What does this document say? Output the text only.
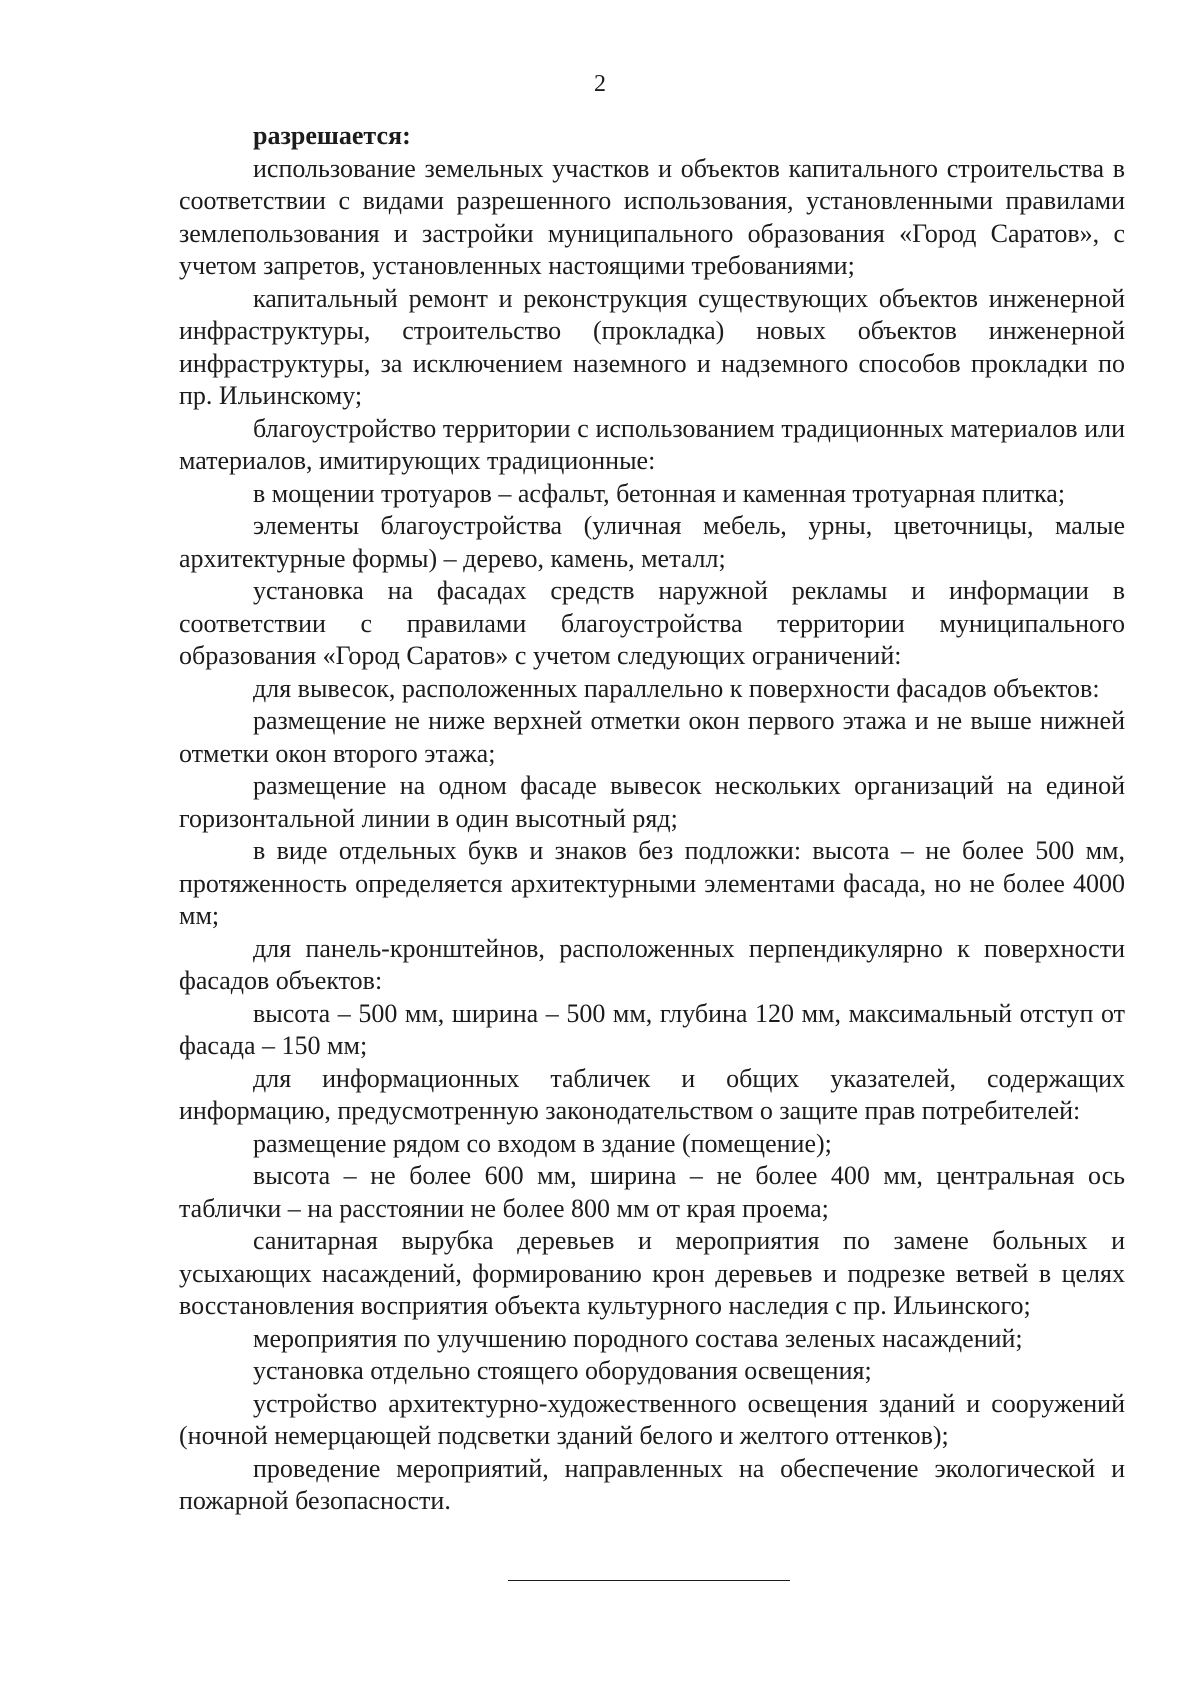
2

разрешается:

использование земельных участков и объектов капитального строительства в соответствии с видами разрешенного использования, установленными правилами землепользования и застройки муниципального образования «Город Саратов», с учетом запретов, установленных настоящими требованиями;

капитальный ремонт и реконструкция существующих объектов инженерной инфраструктуры, строительство (прокладка) новых объектов инженерной инфраструктуры, за исключением наземного и надземного способов прокладки по пр. Ильинскому;

благоустройство территории с использованием традиционных материалов или материалов, имитирующих традиционные:

в мощении тротуаров – асфальт, бетонная и каменная тротуарная плитка;

элементы благоустройства (уличная мебель, урны, цветочницы, малые архитектурные формы) – дерево, камень, металл;

установка на фасадах средств наружной рекламы и информации в соответствии с правилами благоустройства территории муниципального образования «Город Саратов» с учетом следующих ограничений:

для вывесок, расположенных параллельно к поверхности фасадов объектов:

размещение не ниже верхней отметки окон первого этажа и не выше нижней отметки окон второго этажа;

размещение на одном фасаде вывесок нескольких организаций на единой горизонтальной линии в один высотный ряд;

в виде отдельных букв и знаков без подложки: высота – не более 500 мм, протяженность определяется архитектурными элементами фасада, но не более 4000 мм;

для панель-кронштейнов, расположенных перпендикулярно к поверхности фасадов объектов:

высота – 500 мм, ширина – 500 мм, глубина 120 мм, максимальный отступ от фасада – 150 мм;

для информационных табличек и общих указателей, содержащих информацию, предусмотренную законодательством о защите прав потребителей:

размещение рядом со входом в здание (помещение);

высота – не более 600 мм, ширина – не более 400 мм, центральная ось таблички – на расстоянии не более 800 мм от края проема;

санитарная вырубка деревьев и мероприятия по замене больных и усыхающих насаждений, формированию крон деревьев и подрезке ветвей в целях восстановления восприятия объекта культурного наследия с пр. Ильинского;

мероприятия по улучшению породного состава зеленых насаждений;

установка отдельно стоящего оборудования освещения;

устройство архитектурно-художественного освещения зданий и сооружений (ночной немерцающей подсветки зданий белого и желтого оттенков);

проведение мероприятий, направленных на обеспечение экологической и пожарной безопасности.
